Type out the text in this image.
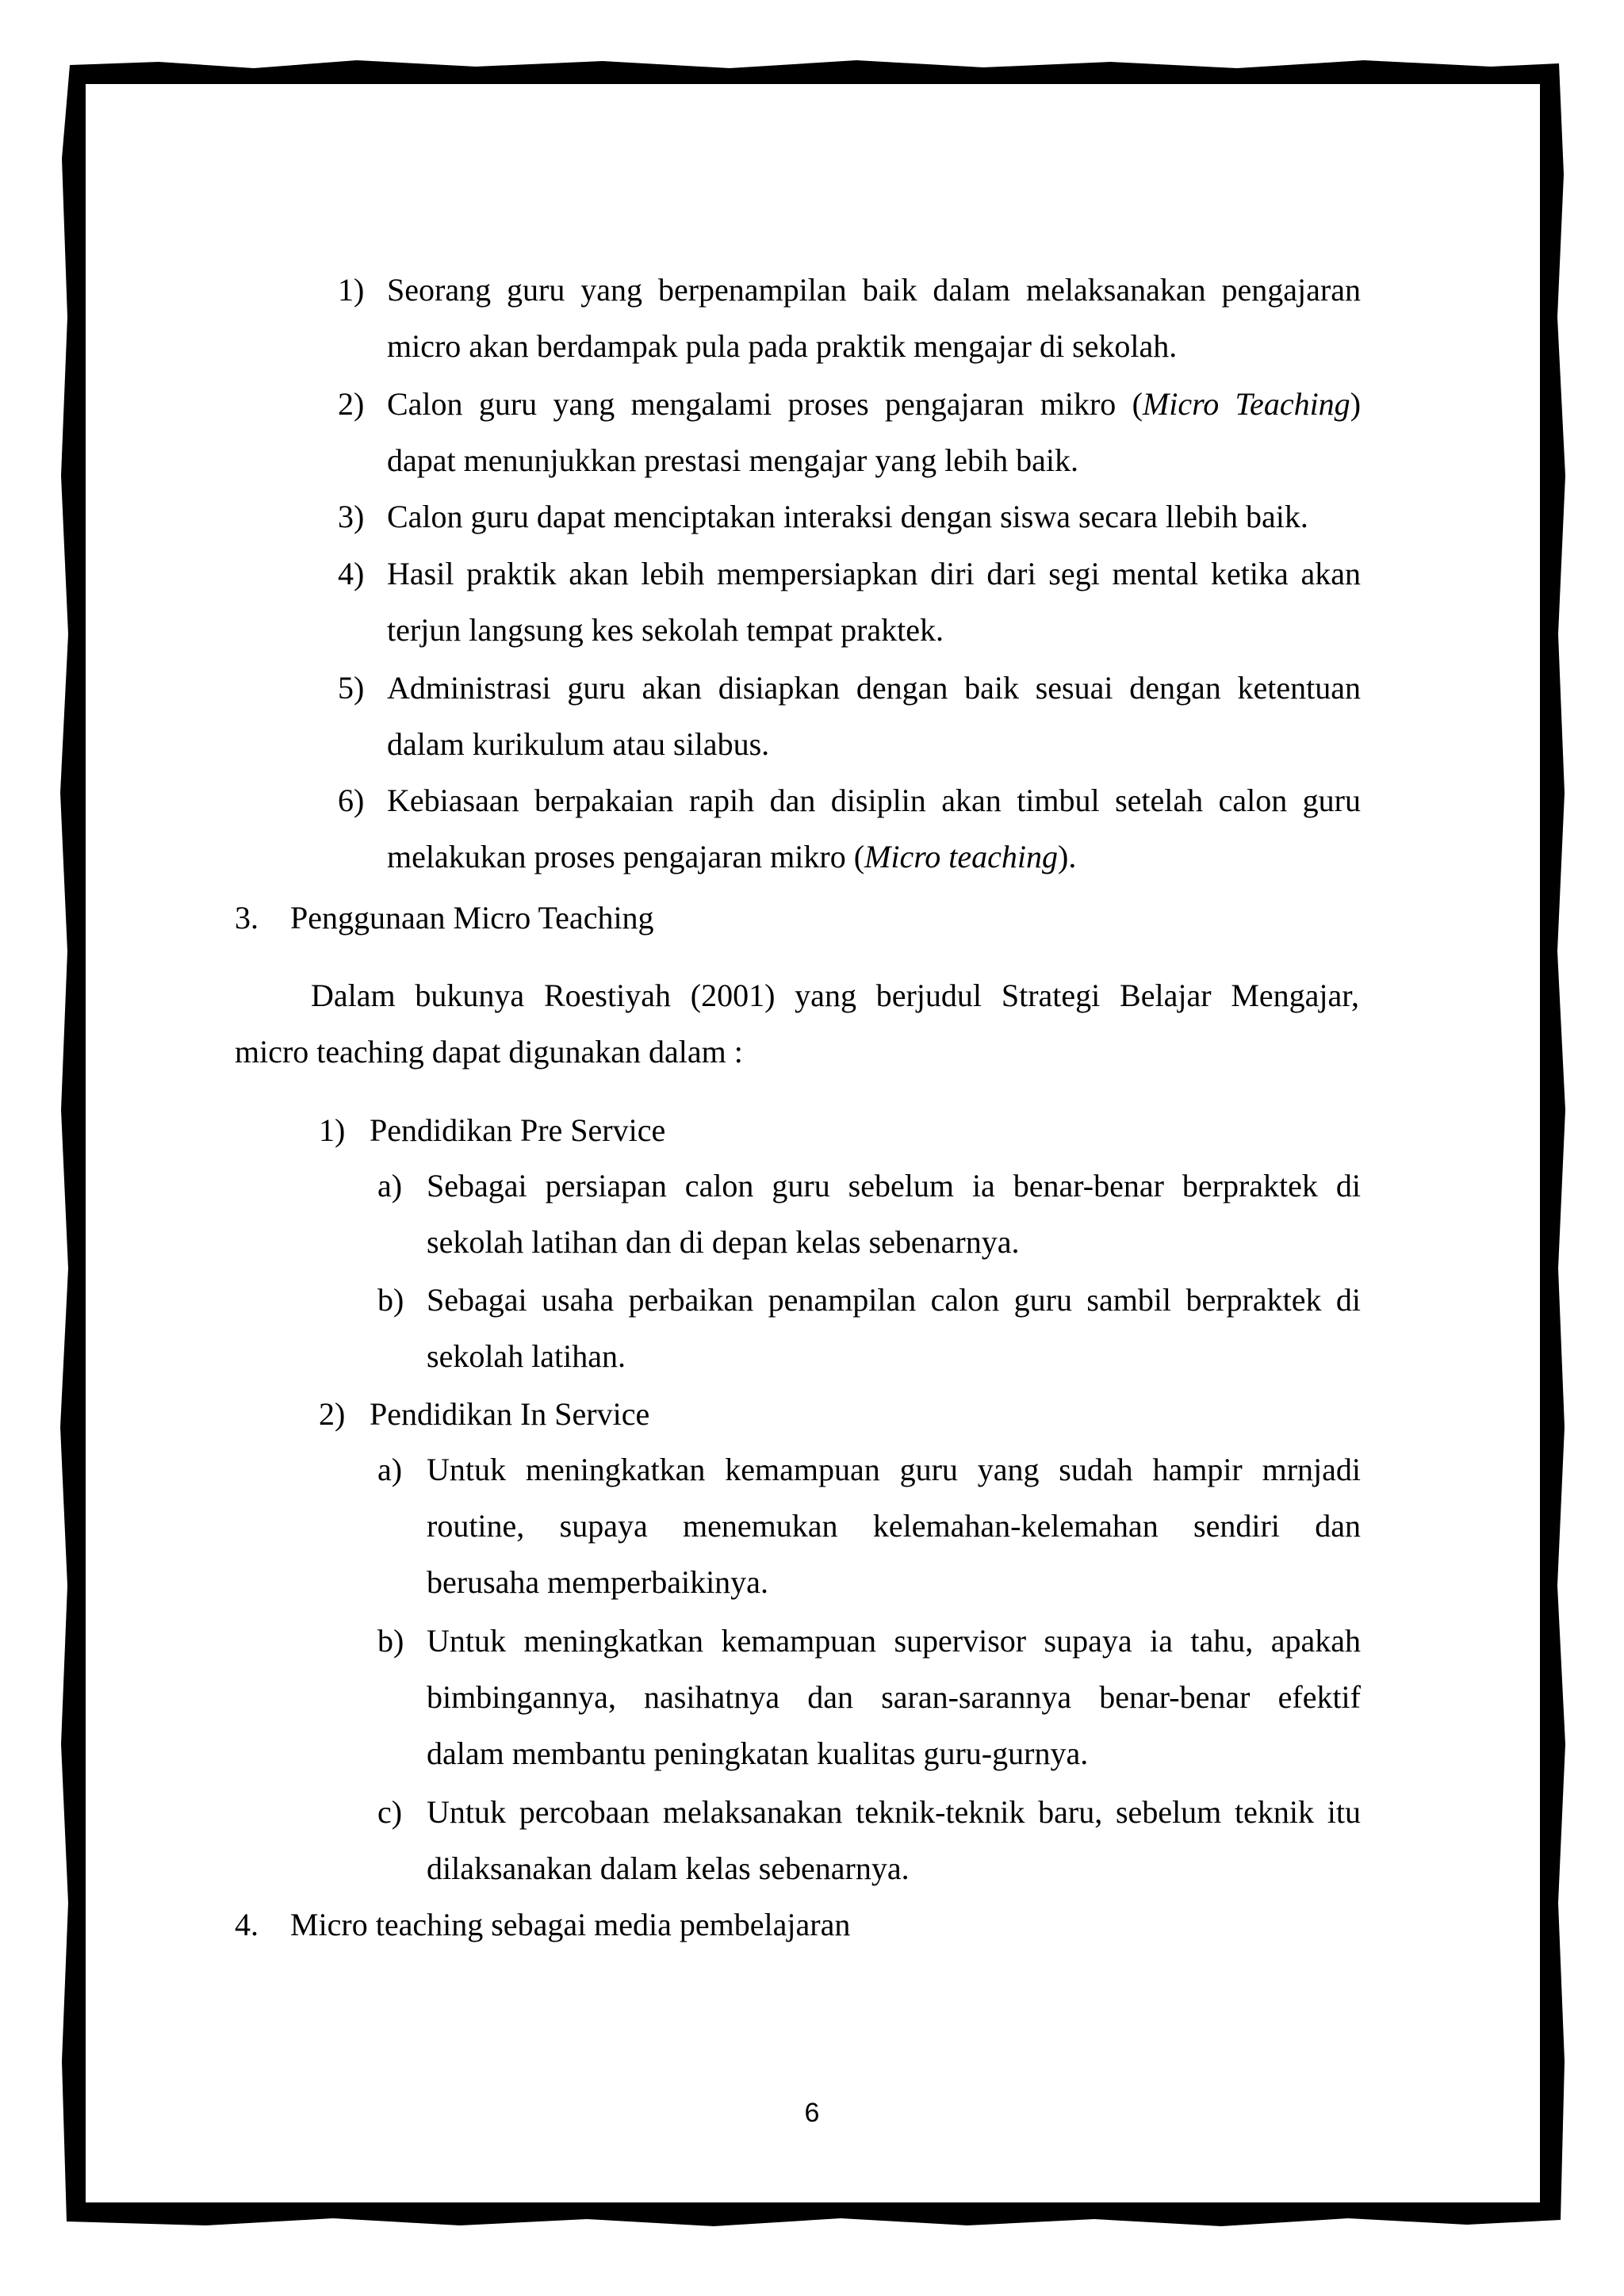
1) Seorang guru yang berpenampilan baik dalam melaksanakan pengajaran
micro akan berdampak pula pada praktik mengajar di sekolah.
2) Calon guru yang mengalami proses pengajaran mikro (Micro Teaching)
dapat menunjukkan prestasi mengajar yang lebih baik.
3) Calon guru dapat menciptakan interaksi dengan siswa secara llebih baik.
4) Hasil praktik akan lebih mempersiapkan diri dari segi mental ketika akan
terjun langsung kes sekolah tempat praktek.
5) Administrasi guru akan disiapkan dengan baik sesuai dengan ketentuan
dalam kurikulum atau silabus.
6) Kebiasaan berpakaian rapih dan disiplin akan timbul setelah calon guru
melakukan proses pengajaran mikro (Micro teaching).
3. Penggunaan Micro Teaching
Dalam bukunya Roestiyah (2001) yang berjudul Strategi Belajar Mengajar,
micro teaching dapat digunakan dalam :
1) Pendidikan Pre Service
a) Sebagai persiapan calon guru sebelum ia benar-benar berpraktek di
sekolah latihan dan di depan kelas sebenarnya.
b) Sebagai usaha perbaikan penampilan calon guru sambil berpraktek di
sekolah latihan.
2) Pendidikan In Service
a) Untuk meningkatkan kemampuan guru yang sudah hampir mrnjadi
routine, supaya menemukan kelemahan-kelemahan sendiri dan
berusaha memperbaikinya.
b) Untuk meningkatkan kemampuan supervisor supaya ia tahu, apakah
bimbingannya, nasihatnya dan saran-sarannya benar-benar efektif
dalam membantu peningkatan kualitas guru-gurnya.
c) Untuk percobaan melaksanakan teknik-teknik baru, sebelum teknik itu
dilaksanakan dalam kelas sebenarnya.
4. Micro teaching sebagai media pembelajaran
6
